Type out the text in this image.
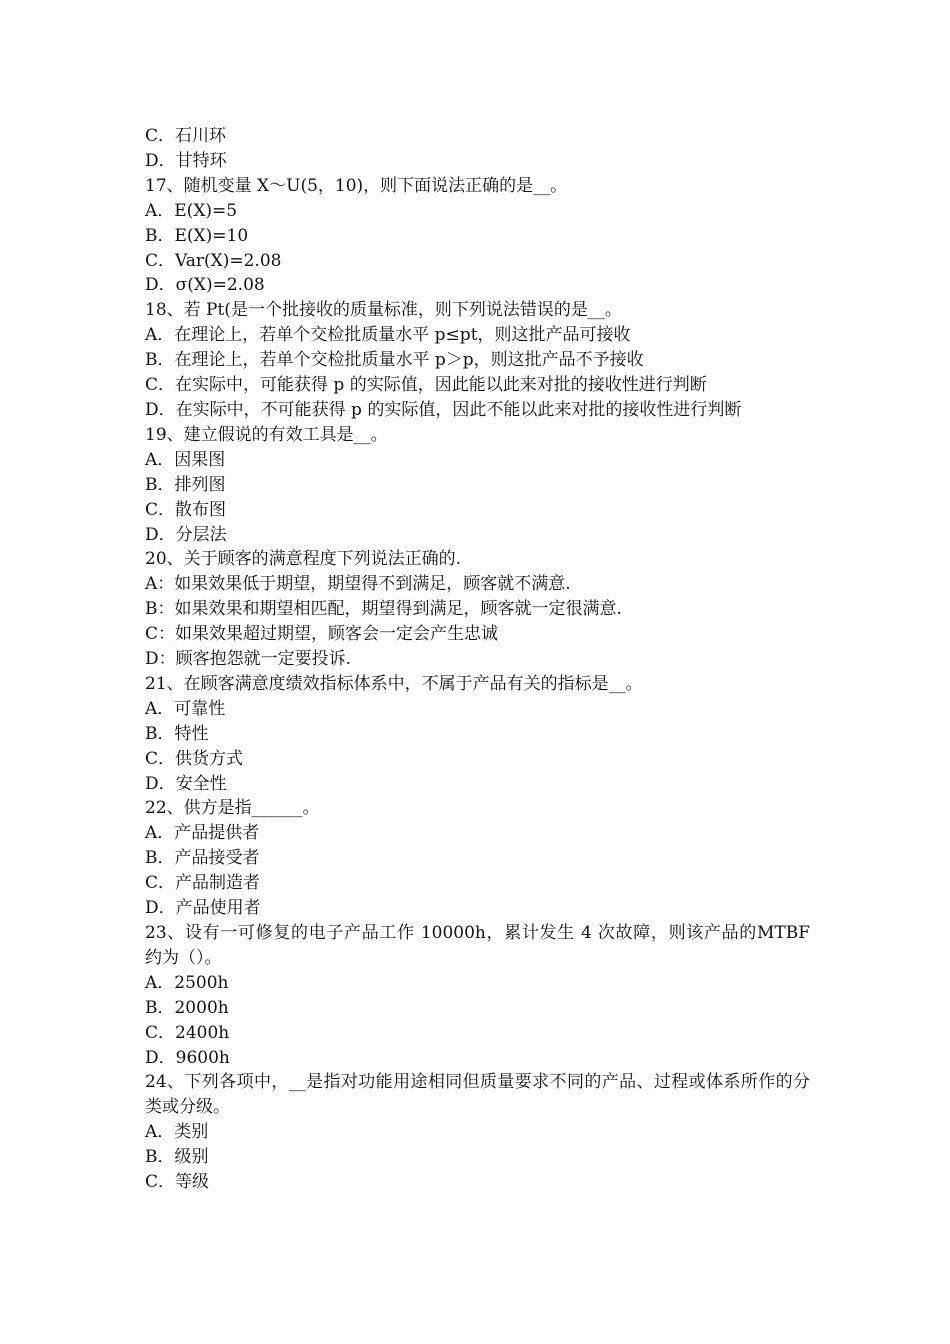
C．石川环
D．甘特环
17、随机变量 X～U(5，10)，则下面说法正确的是__。
A．E(X)=5
B．E(X)=10
C．Var(X)=2.08
D．σ(X)=2.08
18、若 Pt(是一个批接收的质量标准，则下列说法错误的是__。
A．在理论上，若单个交检批质量水平 p≤pt，则这批产品可接收
B．在理论上，若单个交检批质量水平 p＞p，则这批产品不予接收
C．在实际中，可能获得 p 的实际值，因此能以此来对批的接收性进行判断
D．在实际中，不可能获得 p 的实际值，因此不能以此来对批的接收性进行判断
19、建立假说的有效工具是__。
A．因果图
B．排列图
C．散布图
D．分层法
20、关于顾客的满意程度下列说法正确的.
A：如果效果低于期望，期望得不到满足，顾客就不满意.
B：如果效果和期望相匹配，期望得到满足，顾客就一定很满意.
C：如果效果超过期望，顾客会一定会产生忠诚
D：顾客抱怨就一定要投诉.
21、在顾客满意度绩效指标体系中，不属于产品有关的指标是__。
A．可靠性
B．特性
C．供货方式
D．安全性
22、供方是指______。
A．产品提供者
B．产品接受者
C．产品制造者
D．产品使用者
23、设有一可修复的电子产品工作 10000h，累计发生 4 次故障，则该产品的MTBF 约为（）。
A．2500h
B．2000h
C．2400h
D．9600h
24、下列各项中，__是指对功能用途相同但质量要求不同的产品、过程或体系所作的分类或分级。
A．类别
B．级别
C．等级
